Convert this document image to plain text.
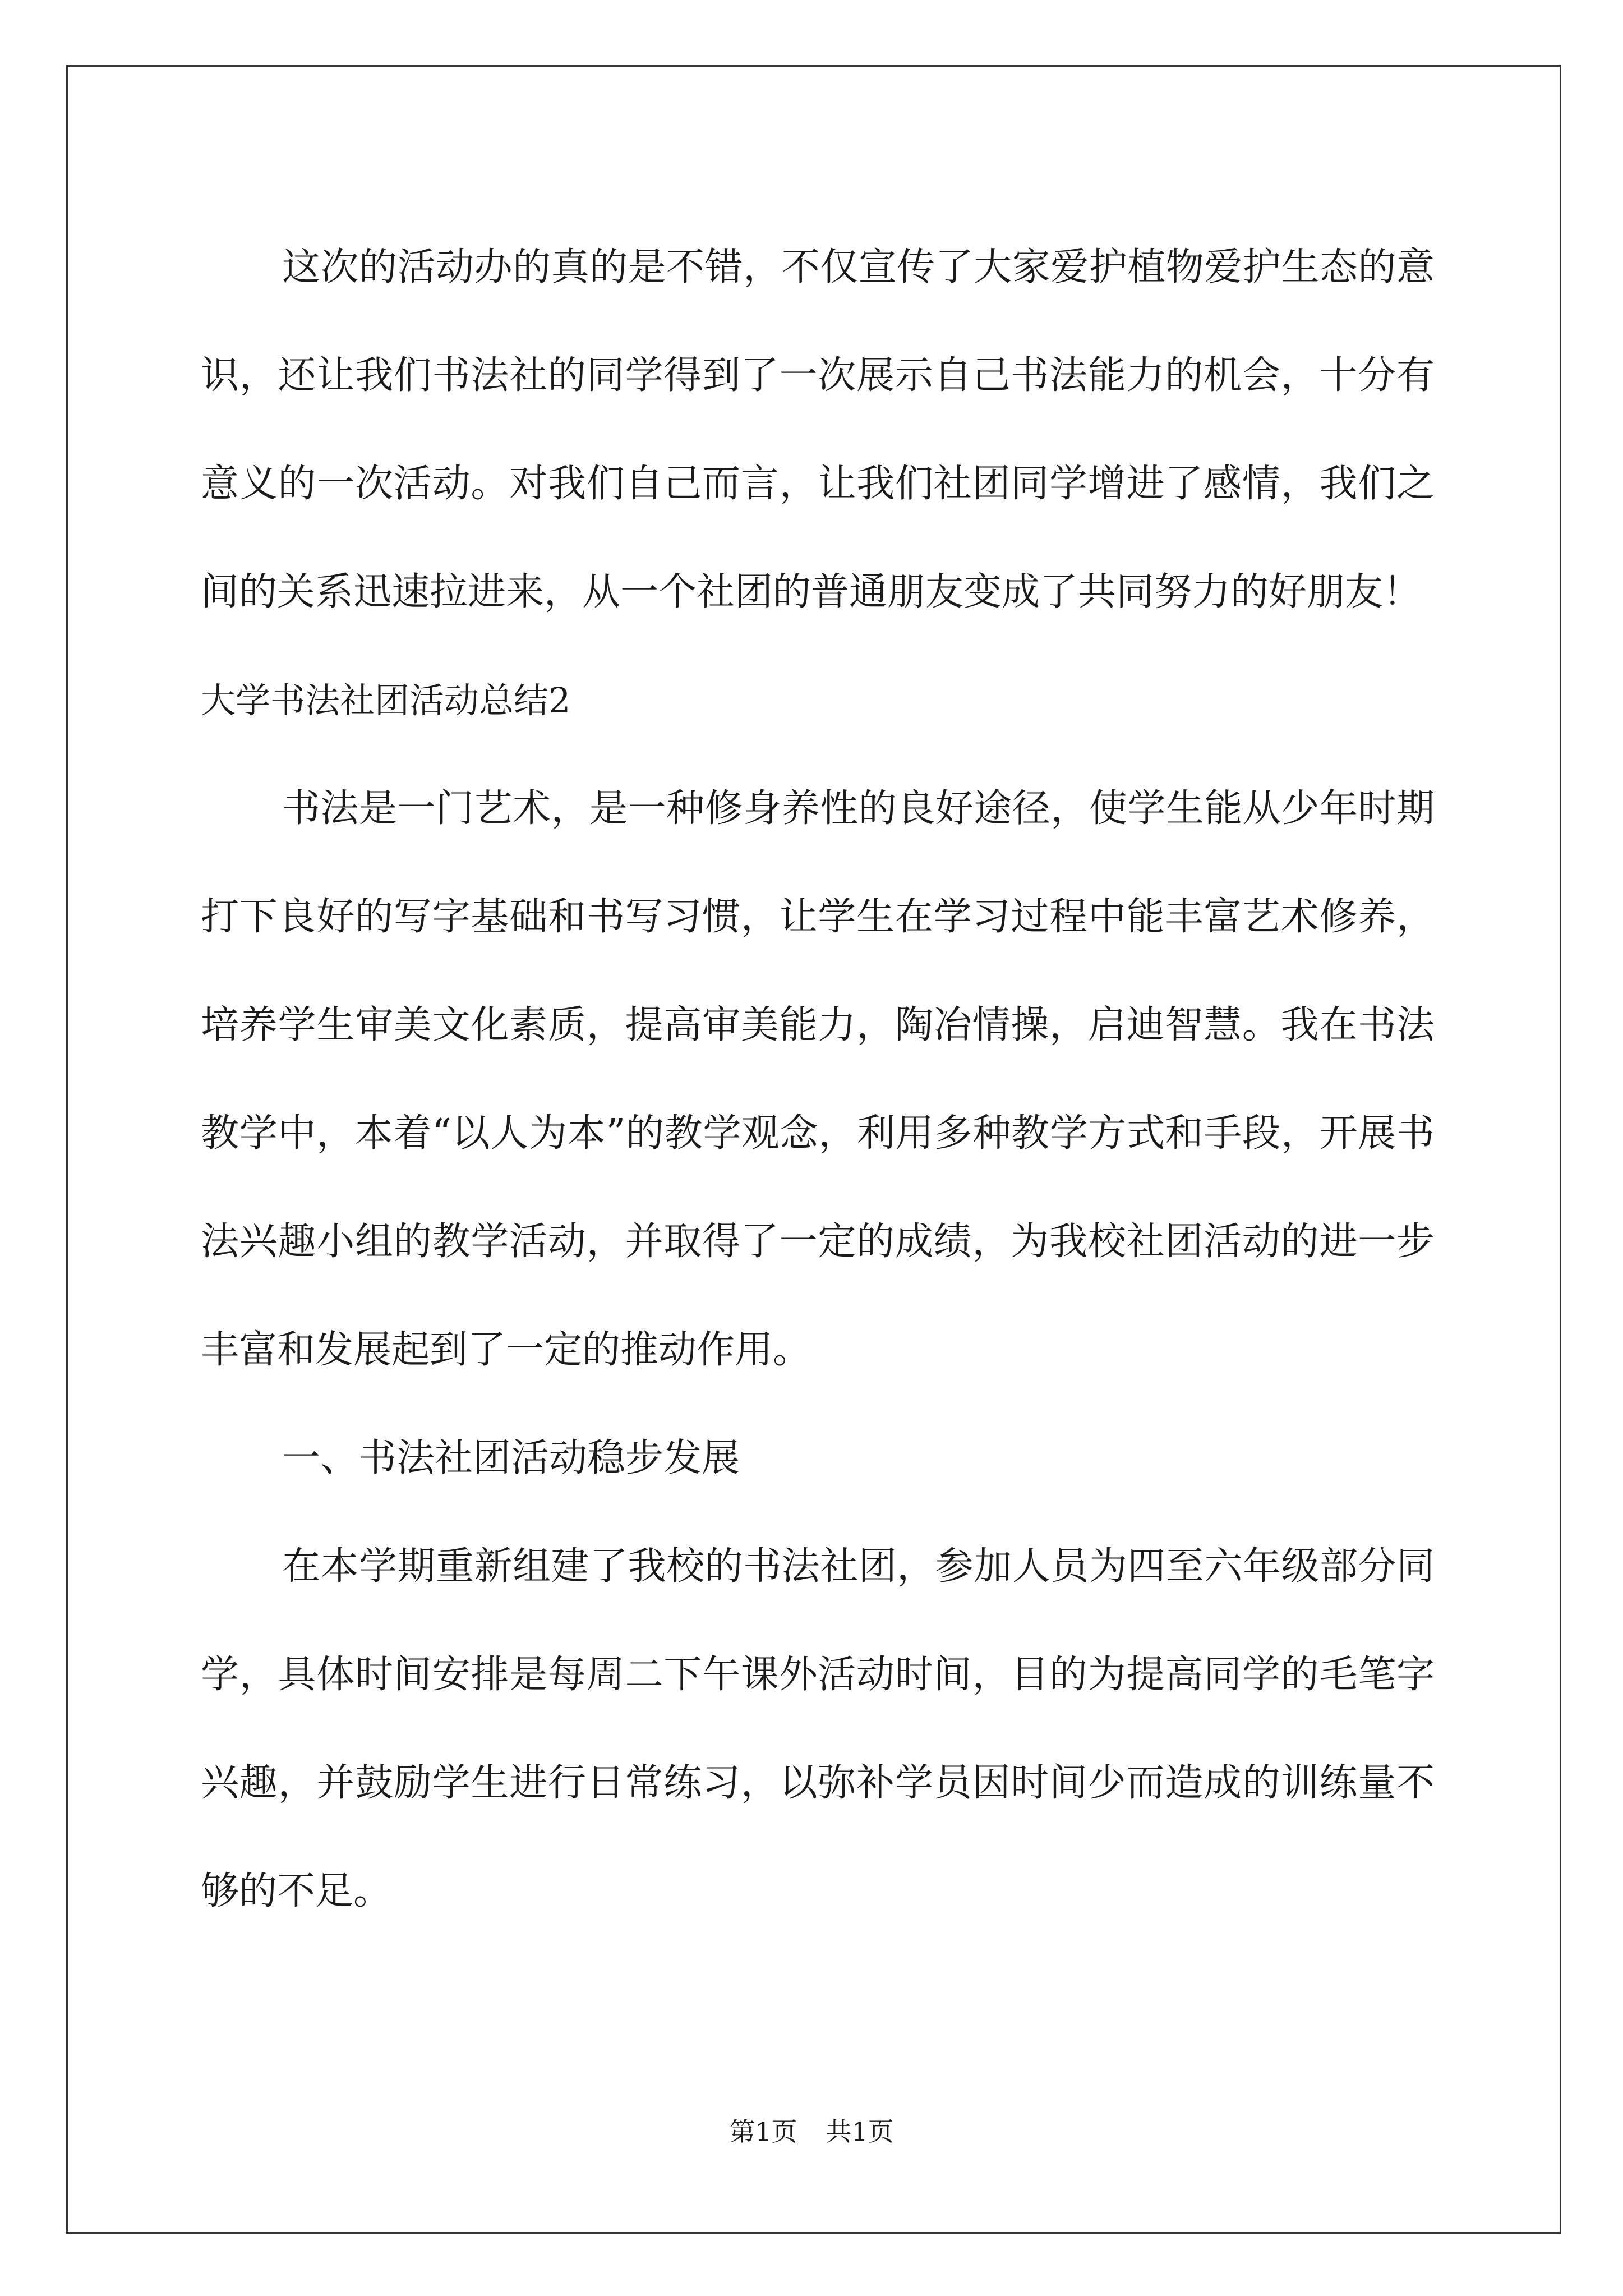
这次的活动办的真的是不错，不仅宣传了大家爱护植物爱护生态的意识，还让我们书法社的同学得到了一次展示自己书法能力的机会，十分有意义的一次活动。对我们自己而言，让我们社团同学增进了感情，我们之间的关系迅速拉进来，从一个社团的普通朋友变成了共同努力的好朋友！

大学书法社团活动总结2

书法是一门艺术，是一种修身养性的良好途径，使学生能从少年时期打下良好的写字基础和书写习惯，让学生在学习过程中能丰富艺术修养，培养学生审美文化素质，提高审美能力，陶冶情操，启迪智慧。我在书法教学中，本着“以人为本”的教学观念，利用多种教学方式和手段，开展书法兴趣小组的教学活动，并取得了一定的成绩，为我校社团活动的进一步丰富和发展起到了一定的推动作用。

一、书法社团活动稳步发展

在本学期重新组建了我校的书法社团，参加人员为四至六年级部分同学，具体时间安排是每周二下午课外活动时间，目的为提高同学的毛笔字兴趣，并鼓励学生进行日常练习，以弥补学员因时间少而造成的训练量不够的不足。

第1页 共1页
